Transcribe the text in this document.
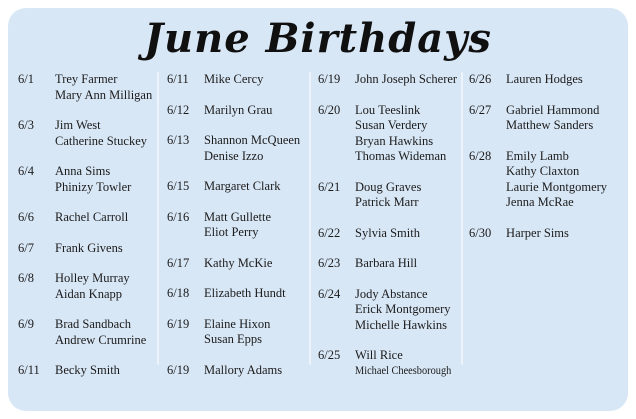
June Birthdays
6/1	Trey Farmer
Mary Ann Milligan
6/3	Jim West
Catherine Stuckey
6/4	Anna Sims
Phinizy Towler
6/6	Rachel Carroll
6/7	Frank Givens
6/8	Holley Murray
Aidan Knapp
6/9	Brad Sandbach
Andrew Crumrine
6/11	Becky Smith
6/11	Mike Cercy
6/12	Marilyn Grau
6/13	Shannon McQueen
Denise Izzo
6/15	Margaret Clark
6/16	Matt Gullette
Eliot Perry
6/17	Kathy McKie
6/18	Elizabeth Hundt
6/19	Elaine Hixon
Susan Epps
6/19	Mallory Adams
6/19	John Joseph Scherer
6/20	Lou Teeslink
Susan Verdery
Bryan Hawkins
Thomas Wideman
6/21	Doug Graves
Patrick Marr
6/22	Sylvia Smith
6/23	Barbara Hill
6/24	Jody Abstance
Erick Montgomery
Michelle Hawkins
6/25	Will Rice
Michael Cheesborough
6/26	Lauren Hodges
6/27	Gabriel Hammond
Matthew Sanders
6/28	Emily Lamb
Kathy Claxton
Laurie Montgomery
Jenna McRae
6/30	Harper Sims
